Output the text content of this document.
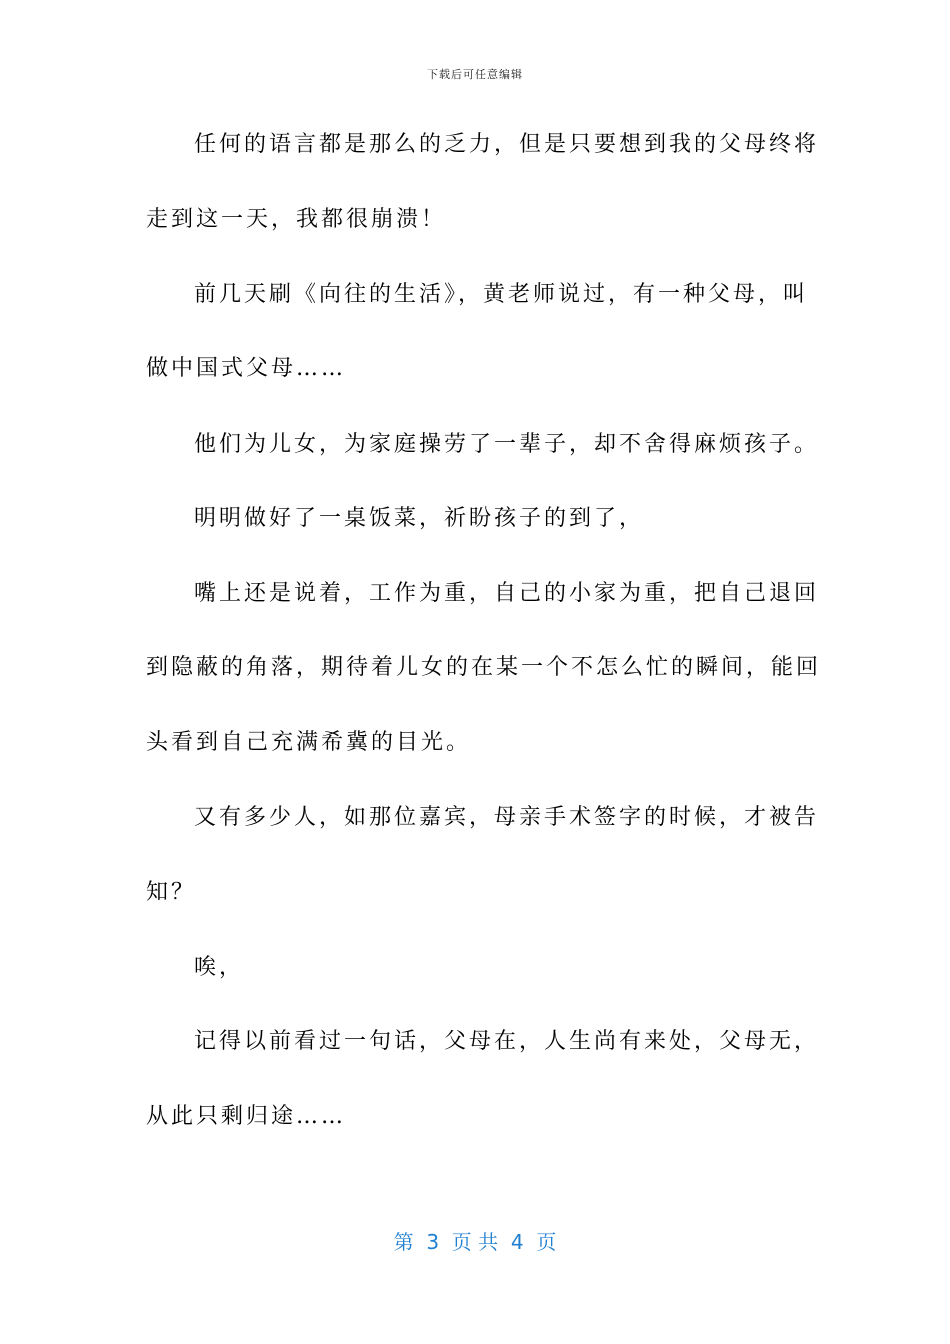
下载后可任意编辑
任何的语言都是那么的乏力，但是只要想到我的父母终将
走到这一天，我都很崩溃！
前几天刷《向往的生活》，黄老师说过，有一种父母，叫
做中国式父母……
他们为儿女，为家庭操劳了一辈子，却不舍得麻烦孩子。
明明做好了一桌饭菜，祈盼孩子的到了，
嘴上还是说着，工作为重，自己的小家为重，把自己退回
到隐蔽的角落，期待着儿女的在某一个不怎么忙的瞬间，能回
头看到自己充满希冀的目光。
又有多少人，如那位嘉宾，母亲手术签字的时候，才被告
知？
唉，
记得以前看过一句话，父母在，人生尚有来处，父母无，
从此只剩归途……
第  3  页 共  4  页
